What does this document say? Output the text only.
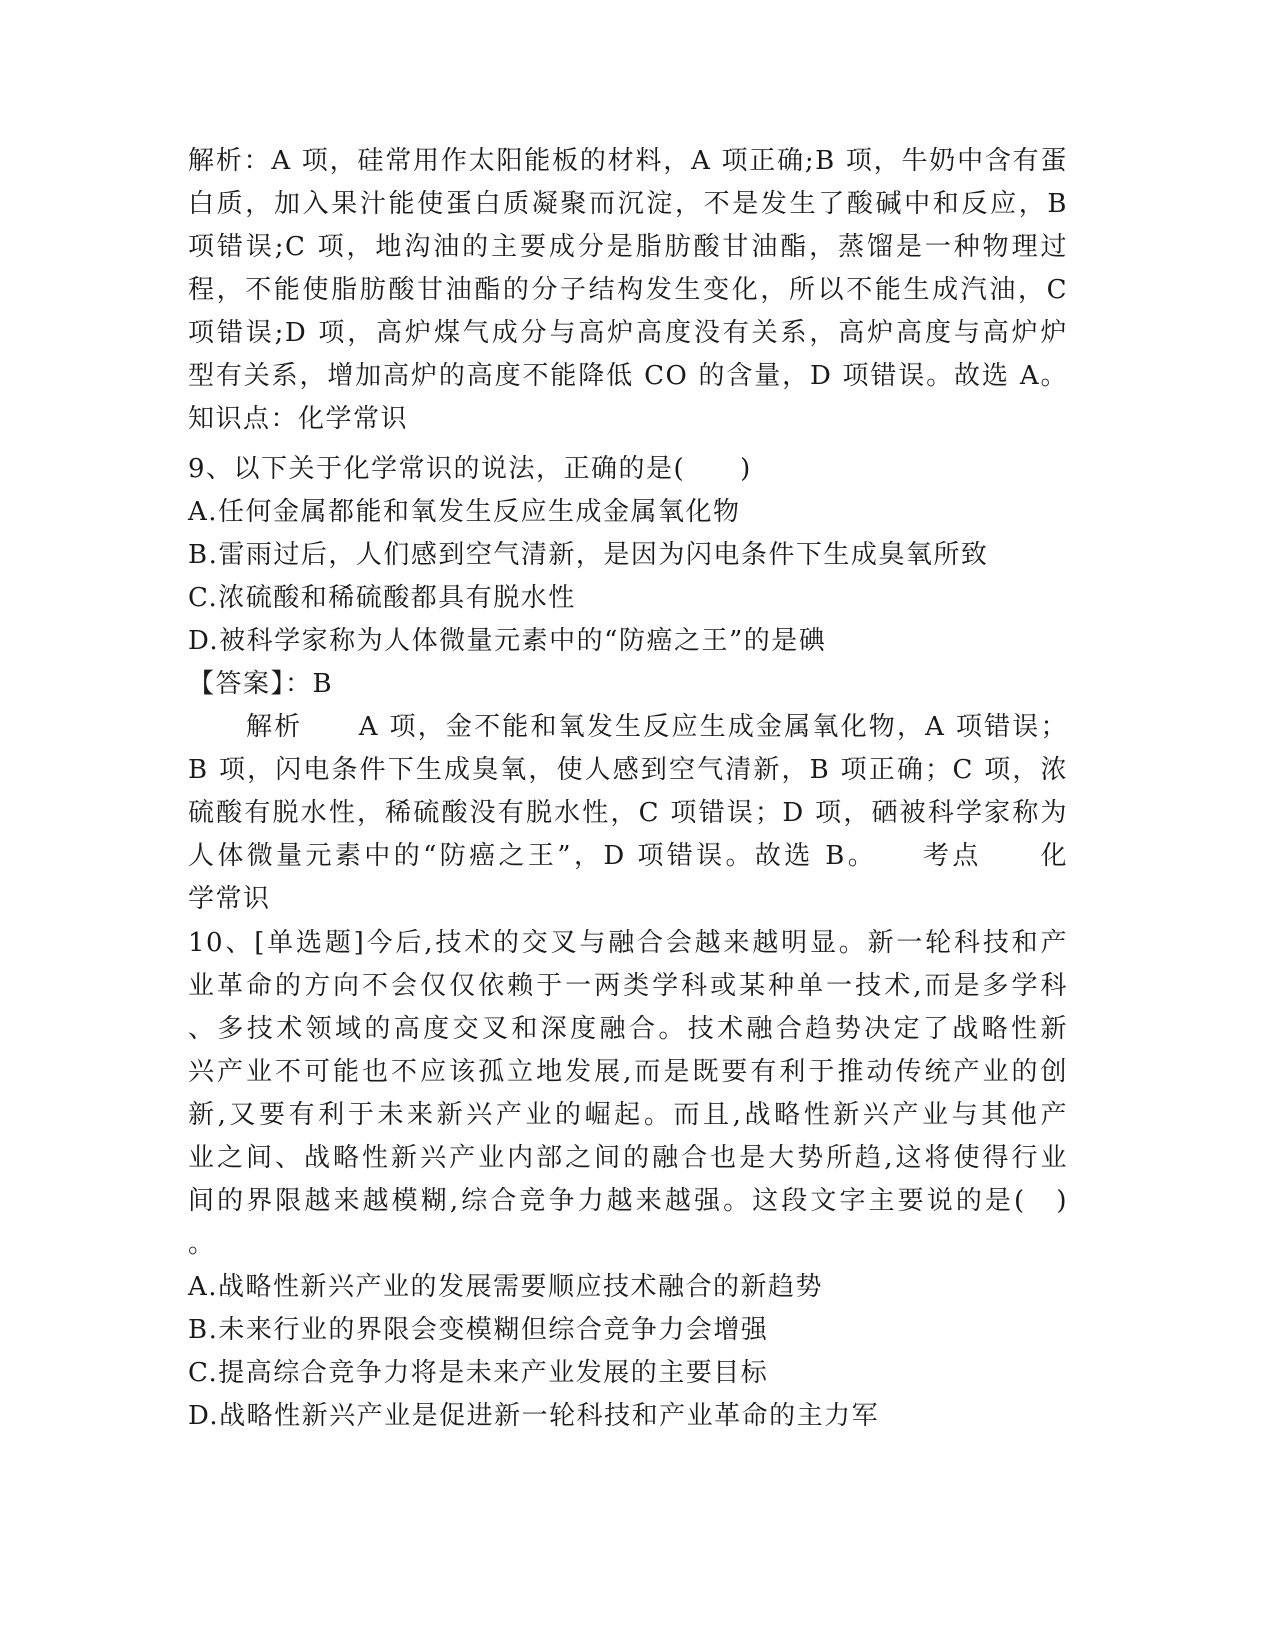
解析：A 项，硅常用作太阳能板的材料，A 项正确;B 项，牛奶中含有蛋
白质，加入果汁能使蛋白质凝聚而沉淀，不是发生了酸碱中和反应，B
项错误;C 项，地沟油的主要成分是脂肪酸甘油酯，蒸馏是一种物理过
程，不能使脂肪酸甘油酯的分子结构发生变化，所以不能生成汽油，C
项错误;D 项，高炉煤气成分与高炉高度没有关系，高炉高度与高炉炉
型有关系，增加高炉的高度不能降低 CO 的含量，D 项错误。故选 A。
知识点：化学常识
9、以下关于化学常识的说法，正确的是(　　)
A.任何金属都能和氧发生反应生成金属氧化物
B.雷雨过后，人们感到空气清新，是因为闪电条件下生成臭氧所致
C.浓硫酸和稀硫酸都具有脱水性
D.被科学家称为人体微量元素中的“防癌之王”的是碘
【答案】：B
解析　　A 项，金不能和氧发生反应生成金属氧化物，A 项错误；
B 项，闪电条件下生成臭氧，使人感到空气清新，B 项正确；C 项，浓
硫酸有脱水性，稀硫酸没有脱水性，C 项错误；D 项，硒被科学家称为
人体微量元素中的“防癌之王”，D 项错误。故选 B。　　考点　　化
学常识
10、[单选题]今后,技术的交叉与融合会越来越明显。新一轮科技和产
业革命的方向不会仅仅依赖于一两类学科或某种单一技术,而是多学科
、多技术领域的高度交叉和深度融合。技术融合趋势决定了战略性新
兴产业不可能也不应该孤立地发展,而是既要有利于推动传统产业的创
新,又要有利于未来新兴产业的崛起。而且,战略性新兴产业与其他产
业之间、战略性新兴产业内部之间的融合也是大势所趋,这将使得行业
间的界限越来越模糊,综合竞争力越来越强。这段文字主要说的是(　)
。
A.战略性新兴产业的发展需要顺应技术融合的新趋势
B.未来行业的界限会变模糊但综合竞争力会增强
C.提高综合竞争力将是未来产业发展的主要目标
D.战略性新兴产业是促进新一轮科技和产业革命的主力军
